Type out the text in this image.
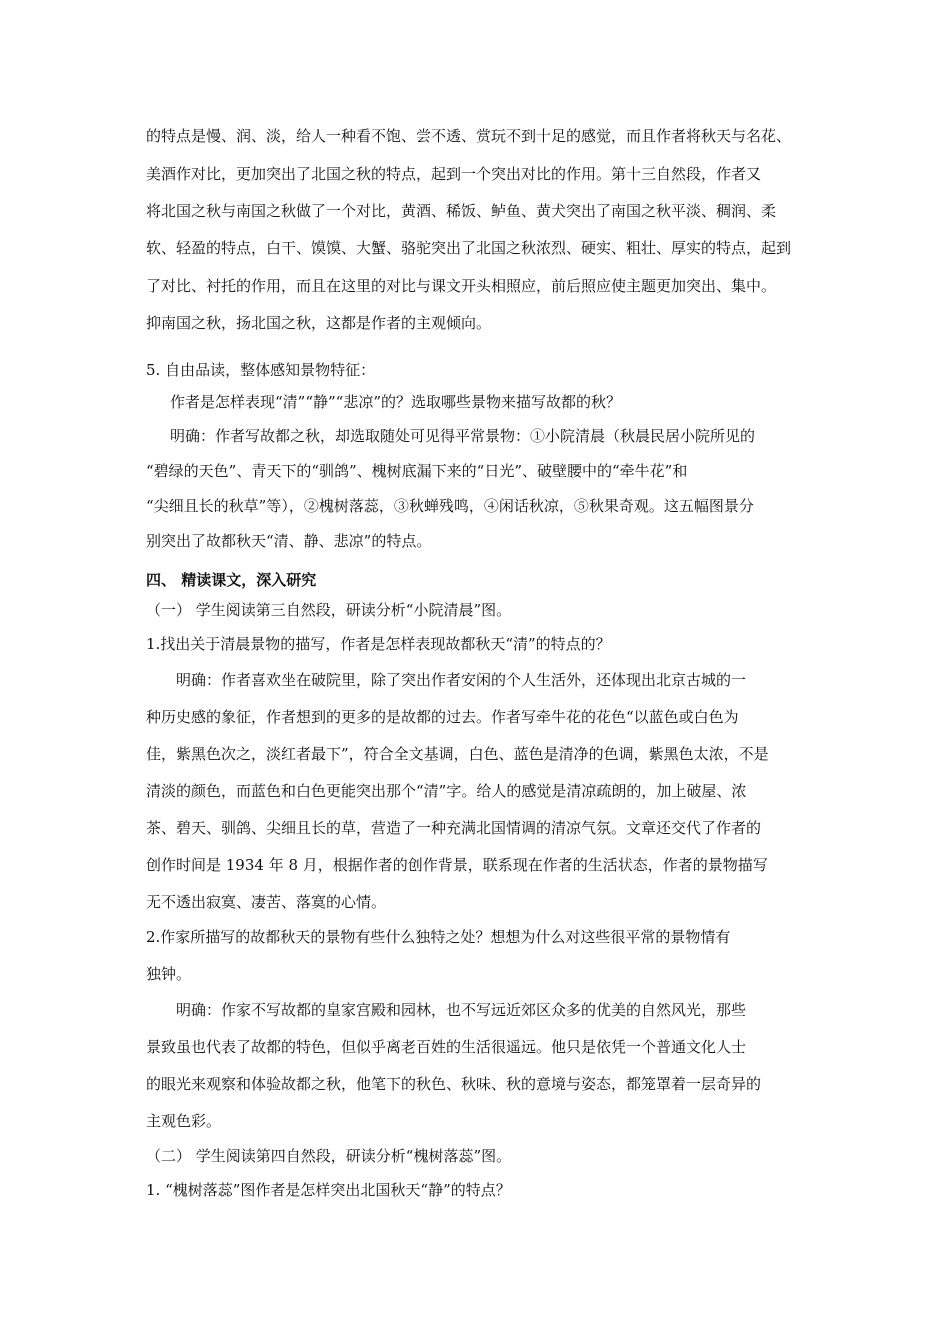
的特点是慢、润、淡，给人一种看不饱、尝不透、赏玩不到十足的感觉，而且作者将秋天与名花、
美酒作对比，更加突出了北国之秋的特点，起到一个突出对比的作用。第十三自然段，作者又
将北国之秋与南国之秋做了一个对比，黄酒、稀饭、鲈鱼、黄犬突出了南国之秋平淡、稠润、柔
软、轻盈的特点，白干、馍馍、大蟹、骆驼突出了北国之秋浓烈、硬实、粗壮、厚实的特点，起到
了对比、衬托的作用，而且在这里的对比与课文开头相照应，前后照应使主题更加突出、集中。
抑南国之秋，扬北国之秋，这都是作者的主观倾向。
5. 自由品读，整体感知景物特征：
作者是怎样表现“清”“静”“悲凉”的？选取哪些景物来描写故都的秋？
明确：作者写故都之秋，却选取随处可见得平常景物：①小院清晨（秋晨民居小院所见的
“碧绿的天色”、青天下的“驯鸽”、槐树底漏下来的“日光”、破壁腰中的“牵牛花”和
“尖细且长的秋草”等），②槐树落蕊，③秋蝉残鸣，④闲话秋凉，⑤秋果奇观。这五幅图景分
别突出了故都秋天“清、静、悲凉”的特点。
四、 精读课文，深入研究
（一） 学生阅读第三自然段，研读分析“小院清晨”图。
1.找出关于清晨景物的描写，作者是怎样表现故都秋天“清”的特点的？
明确：作者喜欢坐在破院里，除了突出作者安闲的个人生活外，还体现出北京古城的一
种历史感的象征，作者想到的更多的是故都的过去。作者写牵牛花的花色“以蓝色或白色为
佳，紫黑色次之，淡红者最下”，符合全文基调，白色、蓝色是清净的色调，紫黑色太浓，不是
清淡的颜色，而蓝色和白色更能突出那个“清”字。给人的感觉是清凉疏朗的，加上破屋、浓
茶、碧天、驯鸽、尖细且长的草，营造了一种充满北国情调的清凉气氛。文章还交代了作者的
创作时间是 1934 年 8 月，根据作者的创作背景，联系现在作者的生活状态，作者的景物描写
无不透出寂寞、凄苦、落寞的心情。
2.作家所描写的故都秋天的景物有些什么独特之处？想想为什么对这些很平常的景物情有
独钟。
明确：作家不写故都的皇家宫殿和园林，也不写远近郊区众多的优美的自然风光，那些
景致虽也代表了故都的特色，但似乎离老百姓的生活很遥远。他只是依凭一个普通文化人士
的眼光来观察和体验故都之秋，他笔下的秋色、秋味、秋的意境与姿态，都笼罩着一层奇异的
主观色彩。
（二） 学生阅读第四自然段，研读分析“槐树落蕊”图。
1. “槐树落蕊”图作者是怎样突出北国秋天“静”的特点？
